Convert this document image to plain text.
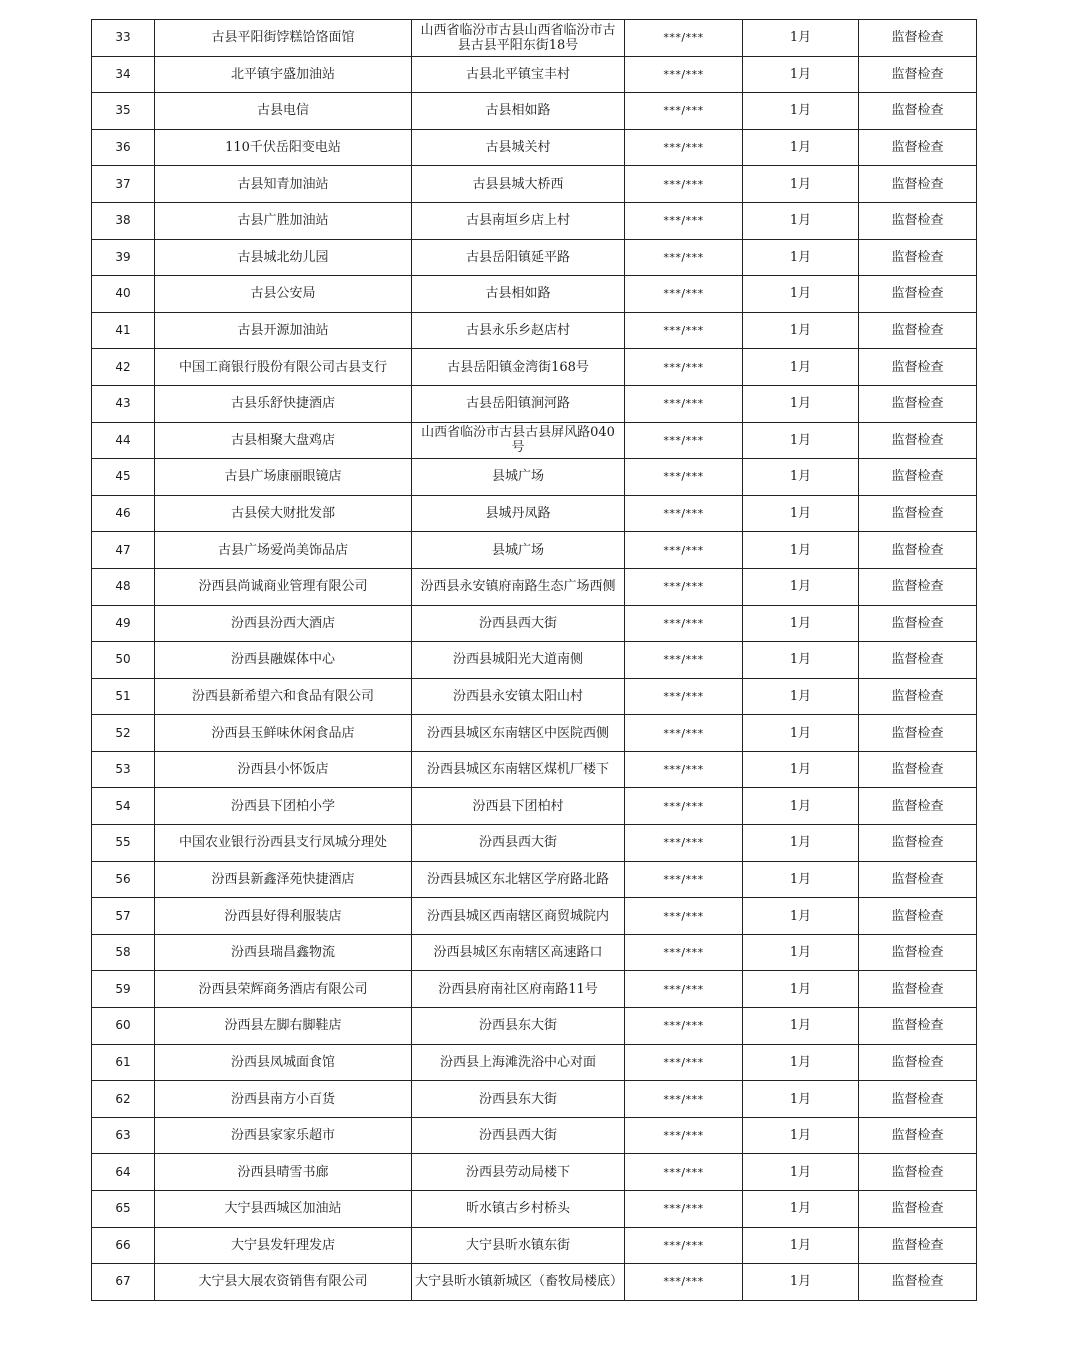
33	古县平阳街饽糕饸饹面馆	山西省临汾市古县山西省临汾市古县古县平阳东街18号	***/***	1月	监督检查
34	北平镇宇盛加油站	古县北平镇宝丰村	***/***	1月	监督检查
35	古县电信	古县相如路	***/***	1月	监督检查
36	110千伏岳阳变电站	古县城关村	***/***	1月	监督检查
37	古县知青加油站	古县县城大桥西	***/***	1月	监督检查
38	古县广胜加油站	古县南垣乡店上村	***/***	1月	监督检查
39	古县城北幼儿园	古县岳阳镇延平路	***/***	1月	监督检查
40	古县公安局	古县相如路	***/***	1月	监督检查
41	古县开源加油站	古县永乐乡赵店村	***/***	1月	监督检查
42	中国工商银行股份有限公司古县支行	古县岳阳镇金湾街168号	***/***	1月	监督检查
43	古县乐舒快捷酒店	古县岳阳镇涧河路	***/***	1月	监督检查
44	古县相聚大盘鸡店	山西省临汾市古县古县屏风路040号	***/***	1月	监督检查
45	古县广场康丽眼镜店	县城广场	***/***	1月	监督检查
46	古县侯大财批发部	县城丹凤路	***/***	1月	监督检查
47	古县广场爱尚美饰品店	县城广场	***/***	1月	监督检查
48	汾西县尚诚商业管理有限公司	汾西县永安镇府南路生态广场西侧	***/***	1月	监督检查
49	汾西县汾西大酒店	汾西县西大街	***/***	1月	监督检查
50	汾西县融媒体中心	汾西县城阳光大道南侧	***/***	1月	监督检查
51	汾西县新希望六和食品有限公司	汾西县永安镇太阳山村	***/***	1月	监督检查
52	汾西县玉鲜味休闲食品店	汾西县城区东南辖区中医院西侧	***/***	1月	监督检查
53	汾西县小怀饭店	汾西县城区东南辖区煤机厂楼下	***/***	1月	监督检查
54	汾西县下团柏小学	汾西县下团柏村	***/***	1月	监督检查
55	中国农业银行汾西县支行凤城分理处	汾西县西大街	***/***	1月	监督检查
56	汾西县新鑫泽苑快捷酒店	汾西县城区东北辖区学府路北路	***/***	1月	监督检查
57	汾西县好得利服装店	汾西县城区西南辖区商贸城院内	***/***	1月	监督检查
58	汾西县瑞昌鑫物流	汾西县城区东南辖区高速路口	***/***	1月	监督检查
59	汾西县荣辉商务酒店有限公司	汾西县府南社区府南路11号	***/***	1月	监督检查
60	汾西县左脚右脚鞋店	汾西县东大街	***/***	1月	监督检查
61	汾西县凤城面食馆	汾西县上海滩洗浴中心对面	***/***	1月	监督检查
62	汾西县南方小百货	汾西县东大街	***/***	1月	监督检查
63	汾西县家家乐超市	汾西县西大街	***/***	1月	监督检查
64	汾西县晴雪书廊	汾西县劳动局楼下	***/***	1月	监督检查
65	大宁县西城区加油站	昕水镇古乡村桥头	***/***	1月	监督检查
66	大宁县发轩理发店	大宁县昕水镇东街	***/***	1月	监督检查
67	大宁县大展农资销售有限公司	大宁县昕水镇新城区（畜牧局楼底）	***/***	1月	监督检查
